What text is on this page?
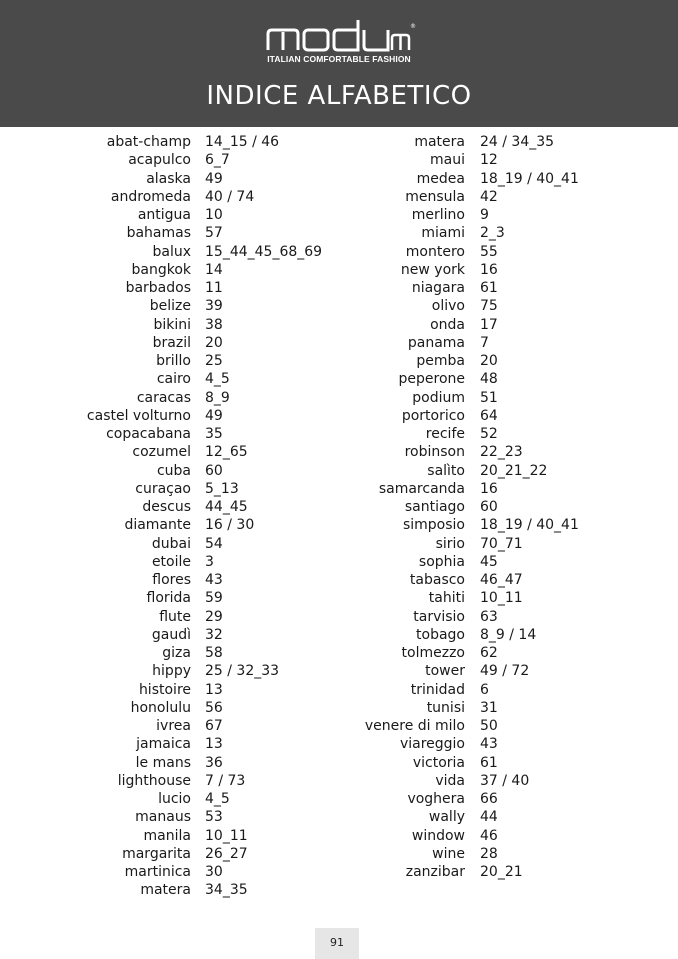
®
ITALIAN COMFORTABLE FASHION
INDICE ALFABETICO
abat-champ 14_15 / 46
acapulco 6_7
alaska 49
andromeda 40 / 74
antigua 10
bahamas 57
balux 15_44_45_68_69
bangkok 14
barbados 11
belize 39
bikini 38
brazil 20
brillo 25
cairo 4_5
caracas 8_9
castel volturno 49
copacabana 35
cozumel 12_65
cuba 60
curaçao 5_13
descus 44_45
diamante 16 / 30
dubai 54
etoile 3
flores 43
florida 59
flute 29
gaudì 32
giza 58
hippy 25 / 32_33
histoire 13
honolulu 56
ivrea 67
jamaica 13
le mans 36
lighthouse 7 / 73
lucio 4_5
manaus 53
manila 10_11
margarita 26_27
martinica 30
matera 34_35
matera 24 / 34_35
maui 12
medea 18_19 / 40_41
mensula 42
merlino 9
miami 2_3
montero 55
new york 16
niagara 61
olivo 75
onda 17
panama 7
pemba 20
peperone 48
podium 51
portorico 64
recife 52
robinson 22_23
salìto 20_21_22
samarcanda 16
santiago 60
simposio 18_19 / 40_41
sirio 70_71
sophia 45
tabasco 46_47
tahiti 10_11
tarvisio 63
tobago 8_9 / 14
tolmezzo 62
tower 49 / 72
trinidad 6
tunisi 31
venere di milo 50
viareggio 43
victoria 61
vida 37 / 40
voghera 66
wally 44
window 46
wine 28
zanzibar 20_21
91
